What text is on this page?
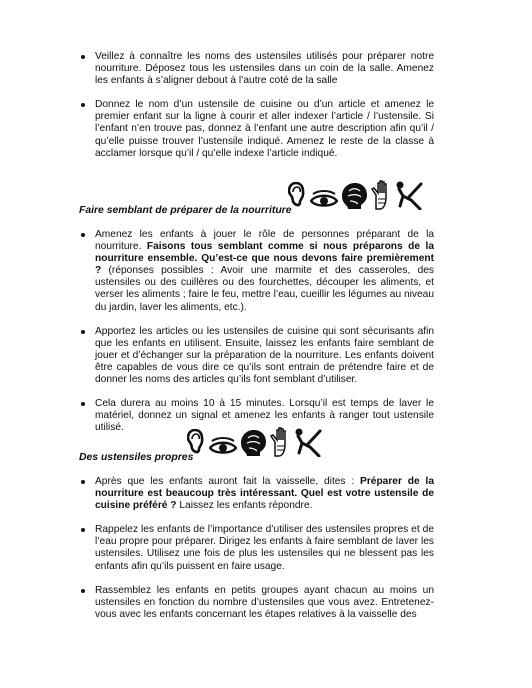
Veillez à connaître les noms des ustensiles utilisés pour préparer notre nourriture. Déposez tous les ustensiles dans un coin de la salle. Amenez les enfants à s’aligner debout à l’autre coté de la salle
Donnez le nom d’un ustensile de cuisine ou d’un article et amenez le premier enfant sur la ligne à courir et aller indexer l’article / l’ustensile. Si l’enfant n’en trouve pas, donnez à l’enfant une autre description afin qu’il / qu’elle puisse trouver l’ustensile indiqué. Amenez le reste de la classe à acclamer lorsque qu’il / qu’elle indexe l’article indiqué.
Faire semblant de préparer de la nourriture
Amenez les enfants à jouer le rôle de personnes préparant de la nourriture. Faisons tous semblant comme si nous préparons de la nourriture ensemble. Qu’est-ce que nous devons faire premièrement ? (réponses possibles : Avoir une marmite et des casseroles, des ustensiles ou des cuillères ou des fourchettes, découper les aliments, et verser les aliments ; faire le feu, mettre l’eau, cueillir les légumes au niveau du jardin, laver les aliments, etc.).
Apportez les articles ou les ustensiles de cuisine qui sont sécurisants afin que les enfants en utilisent. Ensuite, laissez les enfants faire semblant de jouer et d’échanger sur la préparation de la nourriture. Les enfants doivent être capables de vous dire ce qu’ils sont entrain de prétendre faire et de donner les noms des articles qu’ils font semblant d’utiliser.
Cela durera au moins 10 à 15 minutes. Lorsqu’il est temps de laver le matériel, donnez un signal et amenez les enfants à ranger tout ustensile utilisé.
Des ustensiles propres
Après que les enfants auront fait la vaisselle, dites : Préparer de la nourriture est beaucoup très intéressant. Quel est votre ustensile de cuisine préféré ? Laissez les enfants répondre.
Rappelez les enfants de l’importance d’utiliser des ustensiles propres et de l’eau propre pour préparer. Dirigez les enfants à faire semblant de laver les ustensiles. Utilisez une fois de plus les ustensiles qui ne blessent pas les enfants afin qu’ils puissent en faire usage.
Rassemblez les enfants en petits groupes ayant chacun au moins un ustensiles en fonction du nombre d’ustensiles que vous avez. Entretenez-vous avec les enfants concernant les étapes relatives à la vaisselle des
